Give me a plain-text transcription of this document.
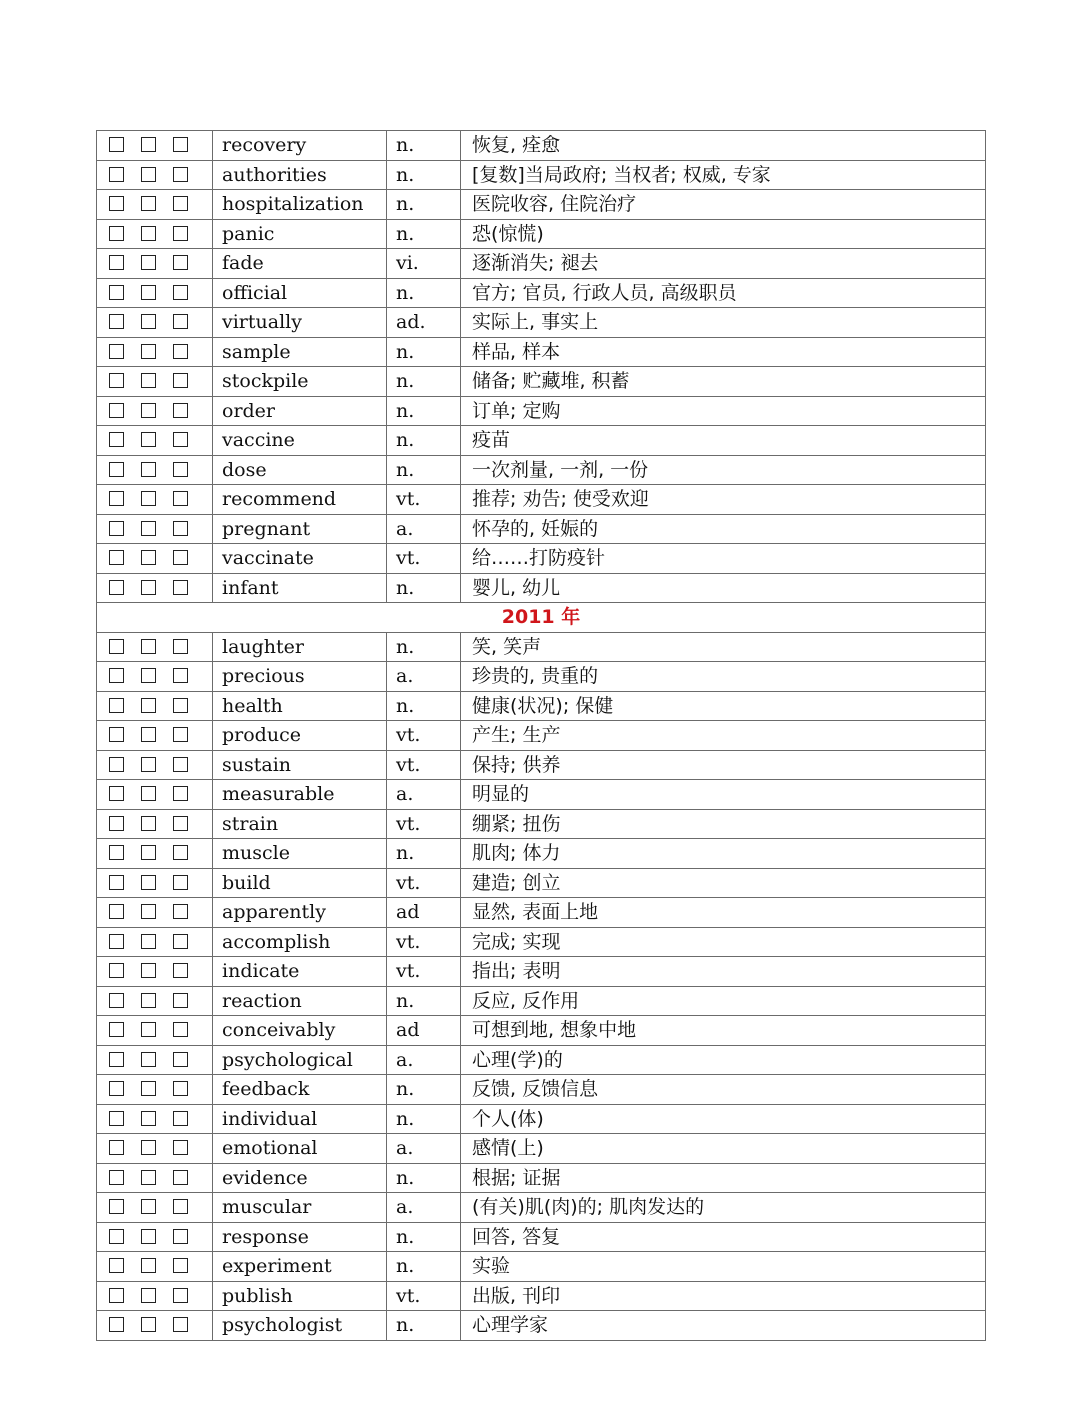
	recovery	n.	恢复, 痊愈
	authorities	n.	[复数]当局政府; 当权者; 权威, 专家
	hospitalization	n.	医院收容, 住院治疗
	panic	n.	恐(惊慌)
	fade	vi.	逐渐消失; 褪去
	official	n.	官方; 官员, 行政人员, 高级职员
	virtually	ad.	实际上, 事实上
	sample	n.	样品, 样本
	stockpile	n.	储备; 贮藏堆, 积蓄
	order	n.	订单; 定购
	vaccine	n.	疫苗
	dose	n.	一次剂量, 一剂, 一份
	recommend	vt.	推荐; 劝告; 使受欢迎
	pregnant	a.	怀孕的, 妊娠的
	vaccinate	vt.	给……打防疫针
	infant	n.	婴儿, 幼儿
2011 年			
	laughter	n.	笑, 笑声
	precious	a.	珍贵的, 贵重的
	health	n.	健康(状况); 保健
	produce	vt.	产生; 生产
	sustain	vt.	保持; 供养
	measurable	a.	明显的
	strain	vt.	绷紧; 扭伤
	muscle	n.	肌肉; 体力
	build	vt.	建造; 创立
	apparently	ad	显然, 表面上地
	accomplish	vt.	完成; 实现
	indicate	vt.	指出; 表明
	reaction	n.	反应, 反作用
	conceivably	ad	可想到地, 想象中地
	psychological	a.	心理(学)的
	feedback	n.	反馈, 反馈信息
	individual	n.	个人(体)
	emotional	a.	感情(上)
	evidence	n.	根据; 证据
	muscular	a.	(有关)肌(肉)的; 肌肉发达的
	response	n.	回答, 答复
	experiment	n.	实验
	publish	vt.	出版, 刊印
	psychologist	n.	心理学家
